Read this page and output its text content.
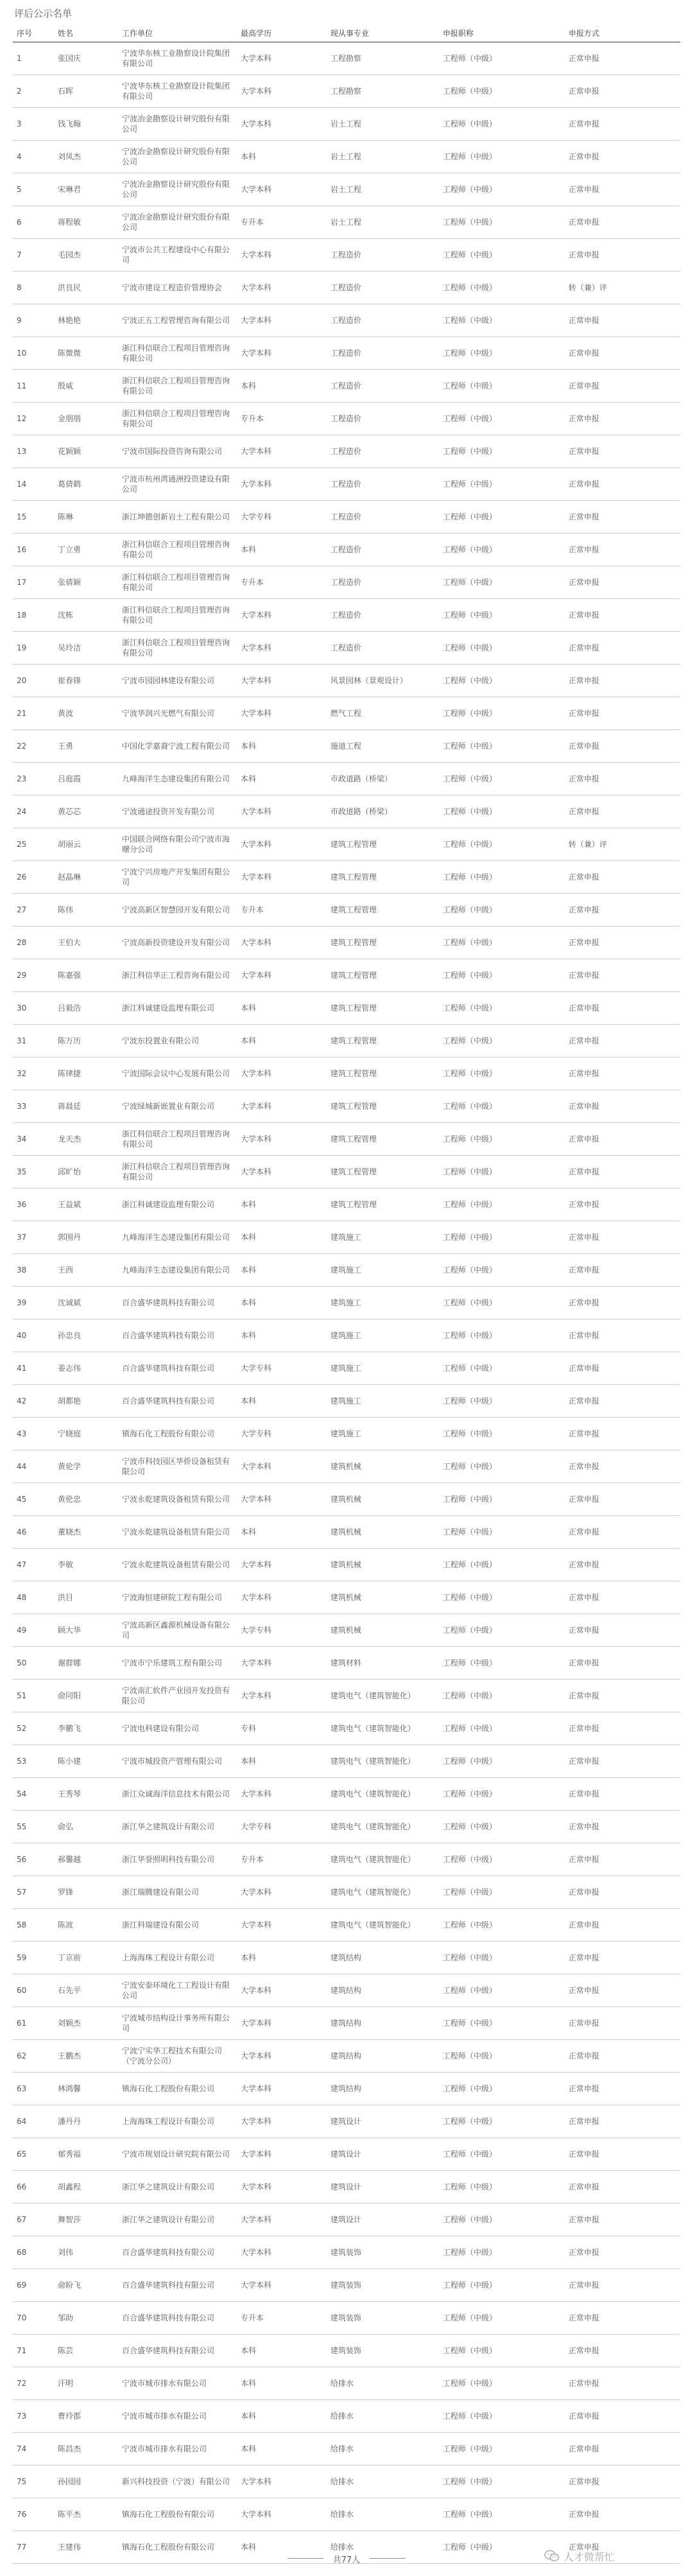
评后公示名单
序号	姓名	工作单位	最高学历	现从事专业	申报职称	申报方式
1	张国庆	宁波华东核工业勘察设计院集团有限公司	大学本科	工程勘察	工程师（中级）	正常申报
2	石晖	宁波华东核工业勘察设计院集团有限公司	大学本科	工程勘察	工程师（中级）	正常申报
3	钱飞翰	宁波冶金勘察设计研究股份有限公司	大学本科	岩土工程	工程师（中级）	正常申报
4	刘凤杰	宁波冶金勘察设计研究股份有限公司	本科	岩土工程	工程师（中级）	正常申报
5	宋琳君	宁波冶金勘察设计研究股份有限公司	大学本科	岩土工程	工程师（中级）	正常申报
6	蒋程敏	宁波冶金勘察设计研究股份有限公司	专升本	岩土工程	工程师（中级）	正常申报
7	毛园杰	宁波市公共工程建设中心有限公司	大学本科	工程造价	工程师（中级）	正常申报
8	洪良民	宁波市建设工程造价管理协会	大学本科	工程造价	工程师（中级）	转（兼）评
9	林艳艳	宁波正五工程管理咨询有限公司	大学本科	工程造价	工程师（中级）	正常申报
10	陈微微	浙江科信联合工程项目管理咨询有限公司	大学本科	工程造价	工程师（中级）	正常申报
11	殷威	浙江科信联合工程项目管理咨询有限公司	本科	工程造价	工程师（中级）	正常申报
12	金朋朋	浙江科信联合工程项目管理咨询有限公司	专升本	工程造价	工程师（中级）	正常申报
13	花颖颖	宁波市国际投资咨询有限公司	大学本科	工程造价	工程师（中级）	正常申报
14	葛倩鹤	宁波市杭州湾通洲投资建设有限公司	大学本科	工程造价	工程师（中级）	正常申报
15	陈琳	浙江坤德创新岩土工程有限公司	大学专科	工程造价	工程师（中级）	正常申报
16	丁立勇	浙江科信联合工程项目管理咨询有限公司	本科	工程造价	工程师（中级）	正常申报
17	张倩颖	浙江科信联合工程项目管理咨询有限公司	专升本	工程造价	工程师（中级）	正常申报
18	沈栋	浙江科信联合工程项目管理咨询有限公司	大学本科	工程造价	工程师（中级）	正常申报
19	吴玲洁	浙江科信联合工程项目管理咨询有限公司	大学本科	工程造价	工程师（中级）	正常申报
20	崔春锋	宁波市园园林建设有限公司	大学本科	风景园林（景观设计）	工程师（中级）	正常申报
21	黄波	宁波华润兴光燃气有限公司	大学本科	燃气工程	工程师（中级）	正常申报
22	王勇	中国化学嘉裔宁波工程有限公司	本科	施道工程	工程师（中级）	正常申报
23	吕庭霞	九峰海洋生态建设集团有限公司	本科	市政道路（桥梁）	工程师（中级）	正常申报
24	黄芯芯	宁波通途投资开发有限公司	大学本科	市政道路（桥梁）	工程师（中级）	正常申报
25	胡丽云	中国联合网络有限公司宁波市海曙分公司	大学本科	建筑工程管理	工程师（中级）	转（兼）评
26	赵晶琳	宁波宁兴房地产开发集团有限公司	大学本科	建筑工程管理	工程师（中级）	正常申报
27	陈伟	宁波高新区智慧园开发有限公司	专升本	建筑工程管理	工程师（中级）	正常申报
28	王伯大	宁波高新投资建设开发有限公司	大学本科	建筑工程管理	工程师（中级）	正常申报
29	陈嘉强	浙江科信华正工程咨询有限公司	大学本科	建筑工程管理	工程师（中级）	正常申报
30	吕毅浩	浙江科诚建设监理有限公司	本科	建筑工程管理	工程师（中级）	正常申报
31	陈万历	宁波东投置业有限公司	本科	建筑工程管理	工程师（中级）	正常申报
32	陈律捷	宁波国际会议中心发展有限公司	大学本科	建筑工程管理	工程师（中级）	正常申报
33	蒋晨廷	宁波绿城新嵌置业有限公司	大学本科	建筑工程管理	工程师（中级）	正常申报
34	龙天杰	浙江科信联合工程项目管理咨询有限公司	大学本科	建筑工程管理	工程师（中级）	正常申报
35	邱旷怡	浙江科信联合工程项目管理咨询有限公司	大学本科	建筑工程管理	工程师（中级）	正常申报
36	王益斌	浙江科诚建设监理有限公司	本科	建筑工程管理	工程师（中级）	正常申报
37	郭围丹	九峰海洋生态建设集团有限公司	本科	建筑施工	工程师（中级）	正常申报
38	王西	九峰海洋生态建设集团有限公司	本科	建筑施工	工程师（中级）	正常申报
39	沈诚斌	百合盛华建筑科技有限公司	本科	建筑施工	工程师（中级）	正常申报
40	孙忠良	百合盛华建筑科技有限公司	本科	建筑施工	工程师（中级）	正常申报
41	姜志伟	百合盛华建筑科技有限公司	大学专科	建筑施工	工程师（中级）	正常申报
42	胡都艳	百合盛华建筑科技有限公司	本科	建筑施工	工程师（中级）	正常申报
43	宁晓庭	镇海石化工程股份有限公司	大学专科	建筑施工	工程师（中级）	正常申报
44	黄伦学	宁波市科技园区华侨设备租赁有限公司	大学本科	建筑机械	工程师（中级）	正常申报
45	黄伦忠	宁波永乾建筑设备租赁有限公司	大学本科	建筑机械	工程师（中级）	正常申报
46	董晓杰	宁波永乾建筑设备租赁有限公司	本科	建筑机械	工程师（中级）	正常申报
47	李敏	宁波永乾建筑设备租赁有限公司	大学本科	建筑机械	工程师（中级）	正常申报
48	洪目	宁波海恒建研院工程有限公司	大学本科	建筑机械	工程师（中级）	正常申报
49	顾大华	宁波高新区鑫源机械设备有限公司	大学专科	建筑机械	工程师（中级）	正常申报
50	谢群娜	宁波市宁乐建筑工程有限公司	大学本科	建筑材料	工程师（中级）	正常申报
51	俞同阳	宁波南汇软件产业园开发投资有限公司	大学本科	建筑电气（建筑智能化）	工程师（中级）	正常申报
52	李鹏飞	宁波电科建设有限公司	专科	建筑电气（建筑智能化）	工程师（中级）	正常申报
53	陈小建	宁波市城投资产管理有限公司	本科	建筑电气（建筑智能化）	工程师（中级）	正常申报
54	王秀琴	浙江众诚海洋信息技术有限公司	大学本科	建筑电气（建筑智能化）	工程师（中级）	正常申报
55	俞弘	浙江华之建筑设计有限公司	大学专科	建筑电气（建筑智能化）	工程师（中级）	正常申报
56	郝馨越	浙江华誉照明科技有限公司	专升本	建筑电气（建筑智能化）	工程师（中级）	正常申报
57	罗锋	浙江瑞腾建设有限公司	大学本科	建筑电气（建筑智能化）	工程师（中级）	正常申报
58	陈波	浙江科瑞建设有限公司	大学本科	建筑电气（建筑智能化）	工程师（中级）	正常申报
59	丁京前	上海海珠工程设计有限公司	本科	建筑结构	工程师（中级）	正常申报
60	石先平	宁波安泰环境化工工程设计有限公司	大学本科	建筑结构	工程师（中级）	正常申报
61	刘颖杰	宁波城市结构设计事务所有限公司	大学本科	建筑结构	工程师（中级）	正常申报
62	王鹏杰	宁波宁实华工程技术有限公司（宁波分公司）	大学本科	建筑结构	工程师（中级）	正常申报
63	林鸿馨	镇海石化工程股份有限公司	大学本科	建筑结构	工程师（中级）	正常申报
64	潘丹丹	上海海珠工程设计有限公司	大学本科	建筑设计	工程师（中级）	正常申报
65	郁秀福	宁波市规划设计研究院有限公司	大学本科	建筑设计	工程师（中级）	正常申报
66	胡鑫程	浙江华之建筑设计有限公司	大学本科	建筑设计	工程师（中级）	正常申报
67	舞智莎	浙江华之建筑设计有限公司	大学本科	建筑设计	工程师（中级）	正常申报
68	刘伟	百合盛华建筑科技有限公司	大学本科	建筑装饰	工程师（中级）	正常申报
69	俞盼飞	百合盛华建筑科技有限公司	大学本科	建筑装饰	工程师（中级）	正常申报
70	邹助	百合盛华建筑科技有限公司	专升本	建筑装饰	工程师（中级）	正常申报
71	陈芸	百合盛华建筑科技有限公司	本科	建筑装饰	工程师（中级）	正常申报
72	汗明	宁波市城市排水有限公司	本科	给排水	工程师（中级）	正常申报
73	曹玲郡	宁波市城市排水有限公司	本科	给排水	工程师（中级）	正常申报
74	陈昌杰	宁波市城市排水有限公司	本科	给排水	工程师（中级）	正常申报
75	孙园园	新兴科技投资（宁波）有限公司	大学本科	给排水	工程师（中级）	正常申报
76	陈平杰	镇海石化工程股份有限公司	大学本科	给排水	工程师（中级）	正常申报
77	王建伟	镇海石化工程股份有限公司	本科	给排水	工程师（中级）	正常申报
共77人	人才微帮忙
